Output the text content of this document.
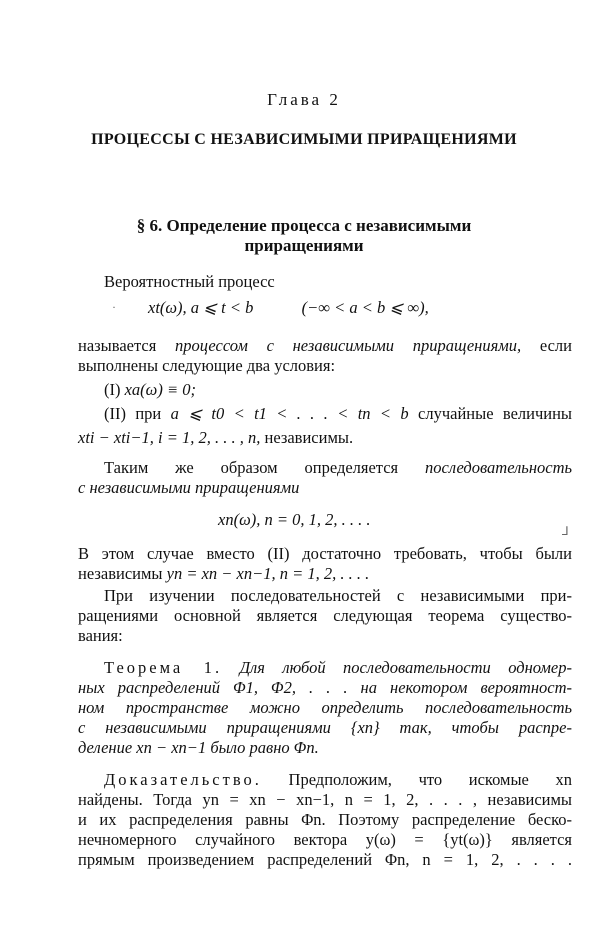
Глава 2
ПРОЦЕССЫ С НЕЗАВИСИМЫМИ ПРИРАЩЕНИЯМИ
§ 6. Определение процесса с независимыми
приращениями
Вероятностный процесс
xt(ω), a ⩽ t < b	(−∞ < a < b ⩽ ∞),
называется процессом с независимыми приращениями, если
выполнены следующие два условия:
(I) xa(ω) ≡ 0;
(II) при a ⩽ t0 < t1 < . . . < tn < b случайные величины
xti − xti−1, i = 1, 2, . . . , n, независимы.
Таким же образом определяется последовательность
с независимыми приращениями
xn(ω), n = 0, 1, 2, . . . .
В этом случае вместо (II) достаточно требовать, чтобы были
независимы yn = xn − xn−1, n = 1, 2, . . . .
При изучении последовательностей с независимыми при-
ращениями основной является следующая теорема существо-
вания:
Теорема 1. Для любой последовательности одномер-
ных распределений Φ1, Φ2, . . . на некотором вероятност-
ном пространстве можно определить последовательность
с независимыми приращениями {xn} так, чтобы распре-
деление xn − xn−1 было равно Φn.
Доказательство. Предположим, что искомые xn
найдены. Тогда yn = xn − xn−1, n = 1, 2, . . . , независимы
и их распределения равны Φn. Поэтому распределение беско-
нечномерного случайного вектора y(ω) = {yt(ω)} является
прямым произведением распределений Φn, n = 1, 2, . . . .
·
⅃
